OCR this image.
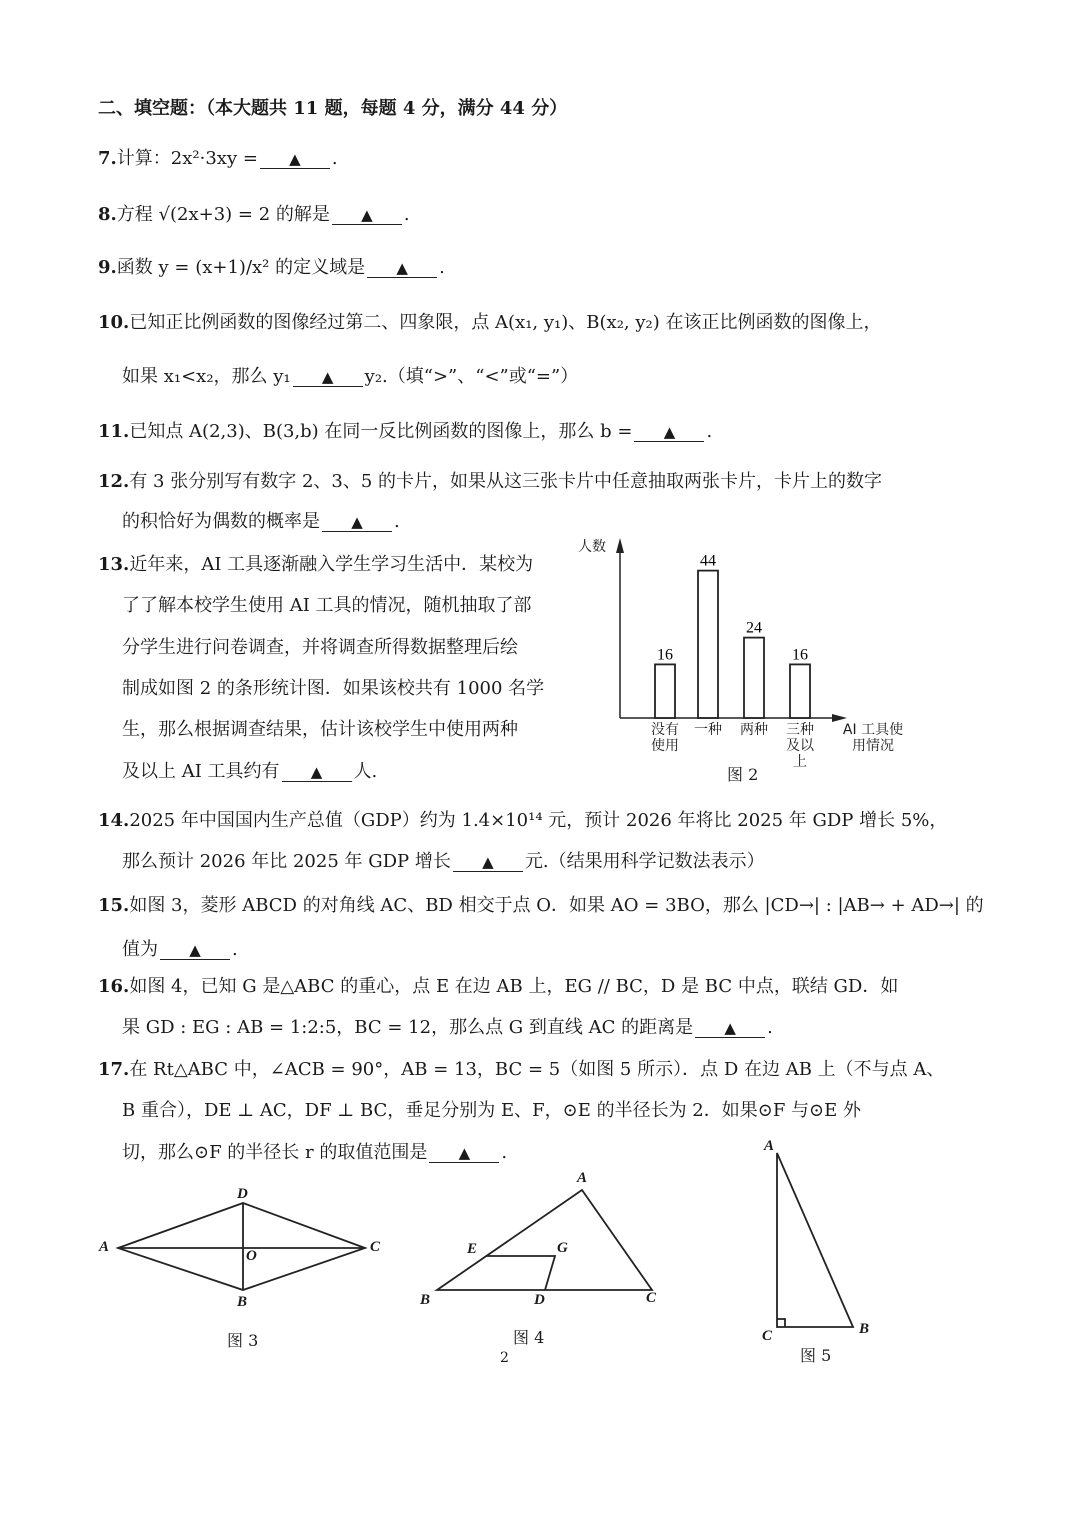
二、填空题：（本大题共 11 题，每题 4 分，满分 44 分）
7.计算：2x²·3xy = ▲ .
8.方程 √(2x+3) = 2 的解是 ▲ .
9.函数 y = (x+1)/x² 的定义域是 ▲ .
10.已知正比例函数的图像经过第二、四象限，点 A(x₁, y₁)、B(x₂, y₂) 在该正比例函数的图像上，
如果 x₁<x₂，那么 y₁ ▲ y₂.（填“>”、“<”或“=”）
11.已知点 A(2,3)、B(3,b) 在同一反比例函数的图像上，那么 b = ▲ .
12.有 3 张分别写有数字 2、3、5 的卡片，如果从这三张卡片中任意抽取两张卡片，卡片上的数字
的积恰好为偶数的概率是 ▲ .
13.近年来，AI 工具逐渐融入学生学习生活中．某校为
了了解本校学生使用 AI 工具的情况，随机抽取了部
分学生进行问卷调查，并将调查所得数据整理后绘
制成如图 2 的条形统计图．如果该校共有 1000 名学
生，那么根据调查结果，估计该校学生中使用两种
及以上 AI 工具约有 ▲ 人.
14.2025 年中国国内生产总值（GDP）约为 1.4×10¹⁴ 元，预计 2026 年将比 2025 年 GDP 增长 5%，
那么预计 2026 年比 2025 年 GDP 增长 ▲ 元.（结果用科学记数法表示）
15.如图 3，菱形 ABCD 的对角线 AC、BD 相交于点 O．如果 AO = 3BO，那么 |CD→| : |AB→ + AD→| 的
值为 ▲ .
16.如图 4，已知 G 是△ABC 的重心，点 E 在边 AB 上，EG // BC，D 是 BC 中点，联结 GD．如
果 GD : EG : AB = 1:2:5，BC = 12，那么点 G 到直线 AC 的距离是 ▲ .
17.在 Rt△ABC 中，∠ACB = 90°，AB = 13，BC = 5（如图 5 所示）．点 D 在边 AB 上（不与点 A、
B 重合），DE ⊥ AC，DF ⊥ BC，垂足分别为 E、F，⊙E 的半径长为 2．如果⊙F 与⊙E 外
切，那么⊙F 的半径长 r 的取值范围是 ▲ .
16
44
24
16
人数
AI 工具使用情况
图 2
没有使用
一种	两种	三种及以上
A
B
C
D
O
图 3
A
B	C
D
E	G
图 4
A
B
C
图 5
2
